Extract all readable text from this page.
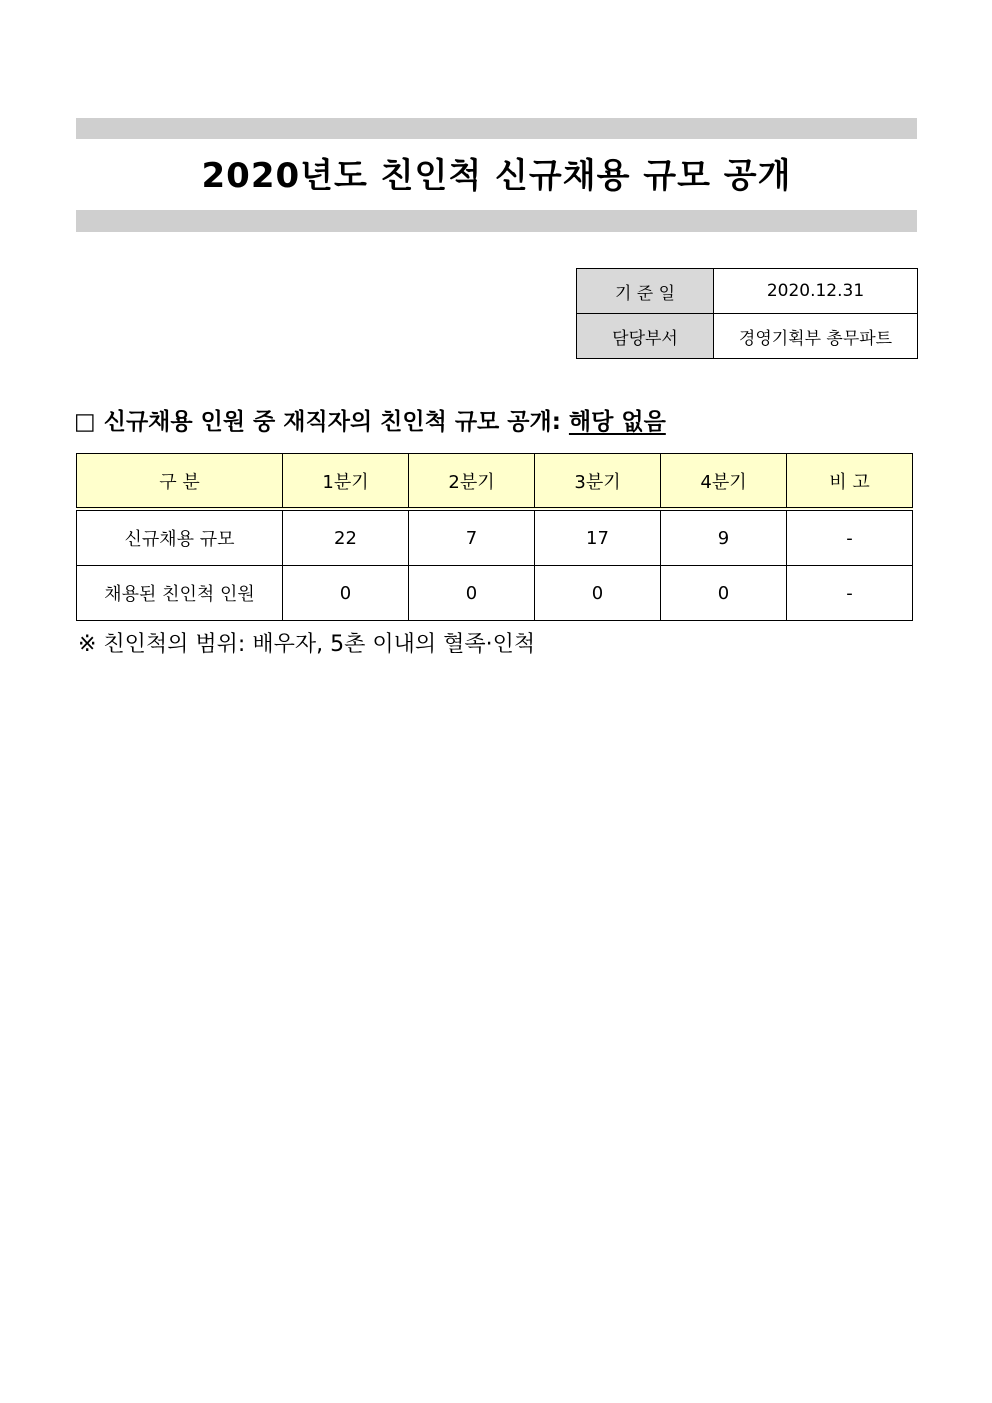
2020년도 친인척 신규채용 규모 공개
기 준 일	2020.12.31
담당부서	경영기획부 총무파트
□ 신규채용 인원 중 재직자의 친인척 규모 공개: 해당 없음
구 분	1분기	2분기	3분기	4분기	비 고
신규채용 규모	22	7	17	9	-
채용된 친인척 인원	0	0	0	0	-
※ 친인척의 범위: 배우자, 5촌 이내의 혈족·인척
